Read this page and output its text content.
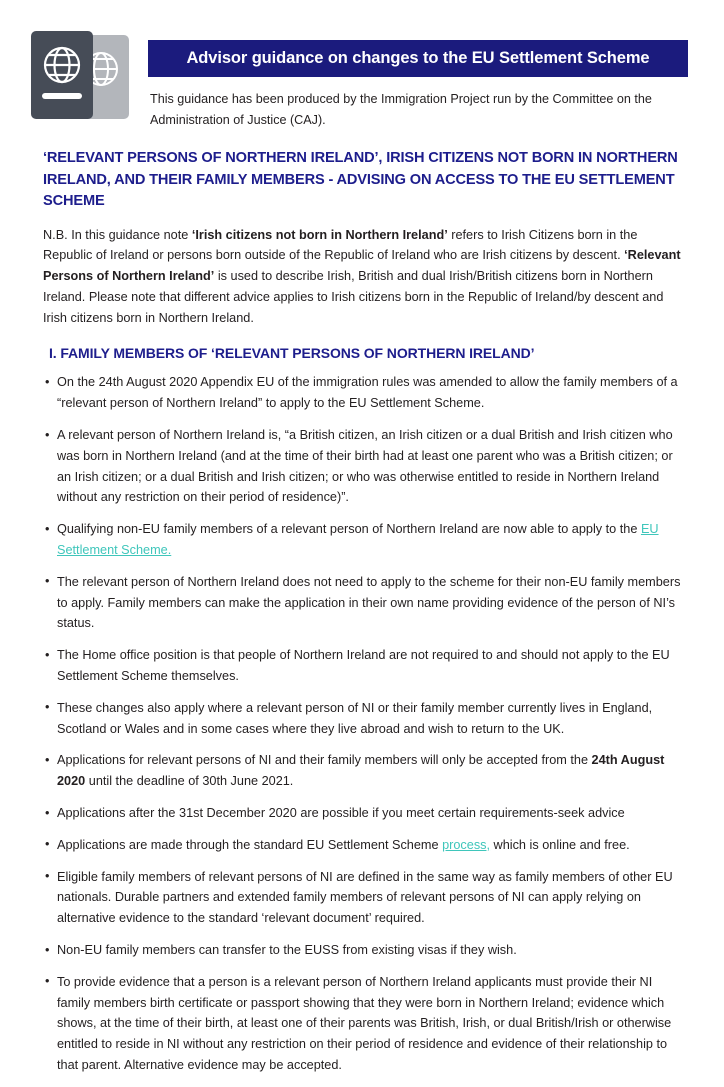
Advisor guidance on changes to the EU Settlement Scheme
This guidance has been produced by the Immigration Project run by the Committee on the Administration of Justice (CAJ).
‘RELEVANT PERSONS OF NORTHERN IRELAND’, IRISH CITIZENS NOT BORN IN NORTHERN IRELAND, AND THEIR FAMILY MEMBERS - ADVISING ON ACCESS TO THE EU SETTLEMENT SCHEME

N.B. In this guidance note ‘Irish citizens not born in Northern Ireland’ refers to Irish Citizens born in the Republic of Ireland or persons born outside of the Republic of Ireland who are Irish citizens by descent. ‘Relevant Persons of Northern Ireland’ is used to describe Irish, British and dual Irish/British citizens born in Northern Ireland. Please note that different advice applies to Irish citizens born in the Republic of Ireland/by descent and Irish citizens born in Northern Ireland.

I. FAMILY MEMBERS OF ‘RELEVANT PERSONS OF NORTHERN IRELAND’
• On the 24th August 2020 Appendix EU of the immigration rules was amended to allow the family members of a “relevant person of Northern Ireland” to apply to the EU Settlement Scheme.
• A relevant person of Northern Ireland is, “a British citizen, an Irish citizen or a dual British and Irish citizen who was born in Northern Ireland (and at the time of their birth had at least one parent who was a British citizen; or an Irish citizen; or a dual British and Irish citizen; or who was otherwise entitled to reside in Northern Ireland without any restriction on their period of residence)”.
• Qualifying non-EU family members of a relevant person of Northern Ireland are now able to apply to the EU Settlement Scheme.
• The relevant person of Northern Ireland does not need to apply to the scheme for their non-EU family members to apply. Family members can make the application in their own name providing evidence of the person of NI’s status.
• The Home office position is that people of Northern Ireland are not required to and should not apply to the EU Settlement Scheme themselves.
• These changes also apply where a relevant person of NI or their family member currently lives in England, Scotland or Wales and in some cases where they live abroad and wish to return to the UK.
• Applications for relevant persons of NI and their family members will only be accepted from the 24th August 2020 until the deadline of 30th June 2021.
• Applications after the 31st December 2020 are possible if you meet certain requirements-seek advice
• Applications are made through the standard EU Settlement Scheme process, which is online and free.
• Eligible family members of relevant persons of NI are defined in the same way as family members of other EU nationals. Durable partners and extended family members of relevant persons of NI can apply relying on alternative evidence to the standard ‘relevant document’ required.
• Non-EU family members can transfer to the EUSS from existing visas if they wish.
• To provide evidence that a person is a relevant person of Northern Ireland applicants must provide their NI family members birth certificate or passport showing that they were born in Northern Ireland; evidence which shows, at the time of their birth, at least one of their parents was British, Irish, or dual British/Irish or otherwise entitled to reside in NI without any restriction on their period of residence and evidence of their relationship to that parent. Alternative evidence may be accepted.
